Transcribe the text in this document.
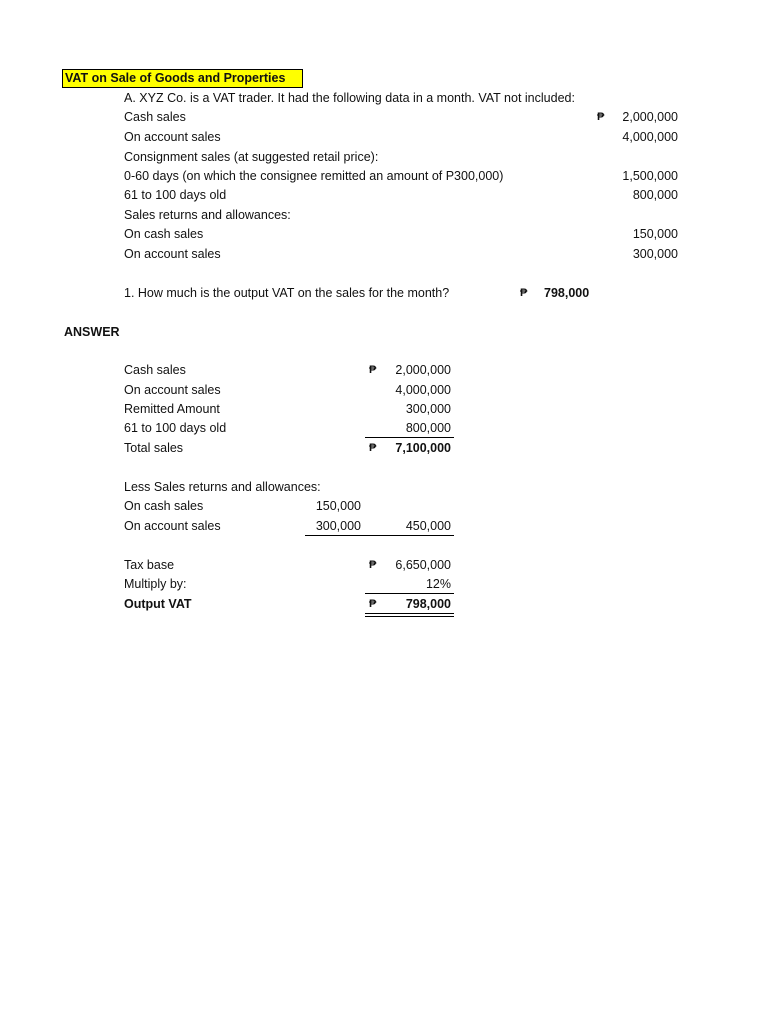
VAT on Sale of Goods and Properties
A. XYZ Co. is a VAT trader. It had the following data in a month. VAT not included:
Cash sales	₱	2,000,000
On account sales	4,000,000
Consignment sales (at suggested retail price):
0-60 days (on which the consignee remitted an amount of P300,000)	1,500,000
61 to 100 days old	800,000
Sales returns and allowances:
On cash sales	150,000
On account sales	300,000
1. How much is the output VAT on the sales for the month?	₱ 798,000
ANSWER
Cash sales	₱	2,000,000
On account sales	4,000,000
Remitted Amount	300,000
61 to 100 days old	800,000
Total sales	₱	7,100,000
Less Sales returns and allowances:
On cash sales	150,000
On account sales	300,000	450,000
Tax base	₱	6,650,000
Multiply by:	12%
Output VAT	₱	798,000
